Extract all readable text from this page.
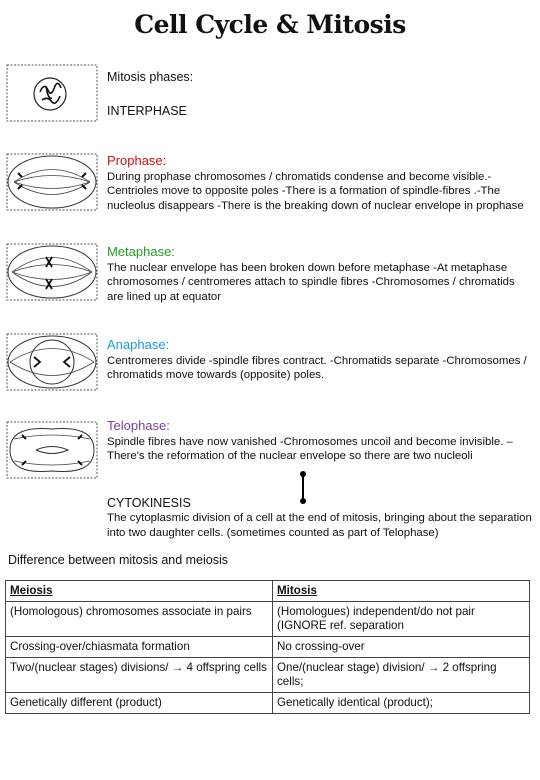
Cell Cycle & Mitosis
Mitosis phases:
INTERPHASE
Prophase:
During prophase chromosomes / chromatids condense and become visible.- Centrioles move to opposite poles -There is a formation of spindle-fibres .-The nucleolus disappears -There is the breaking down of nuclear envelope in prophase
Metaphase:
The nuclear envelope has been broken down before metaphase -At metaphase chromosomes / centromeres attach to spindle fibres -Chromosomes / chromatids are lined up at equator
Anaphase:
Centromeres divide -spindle fibres contract. -Chromatids separate -Chromosomes / chromatids move towards (opposite) poles.
Telophase:
Spindle fibres have now vanished -Chromosomes uncoil and become invisible. –There's the reformation of the nuclear envelope so there are two nucleoli
CYTOKINESIS
The cytoplasmic division of a cell at the end of mitosis, bringing about the separation into two daughter cells. (sometimes counted as part of Telophase)
Difference between mitosis and meiosis
Meiosis	Mitosis
(Homologous) chromosomes associate in pairs	(Homologues) independent/do not pair (IGNORE ref. separation
Crossing-over/chiasmata formation	No crossing-over
Two/(nuclear stages) divisions/ → 4 offspring cells	One/(nuclear stage) division/ → 2 offspring cells;
Genetically different (product)	Genetically identical (product);
